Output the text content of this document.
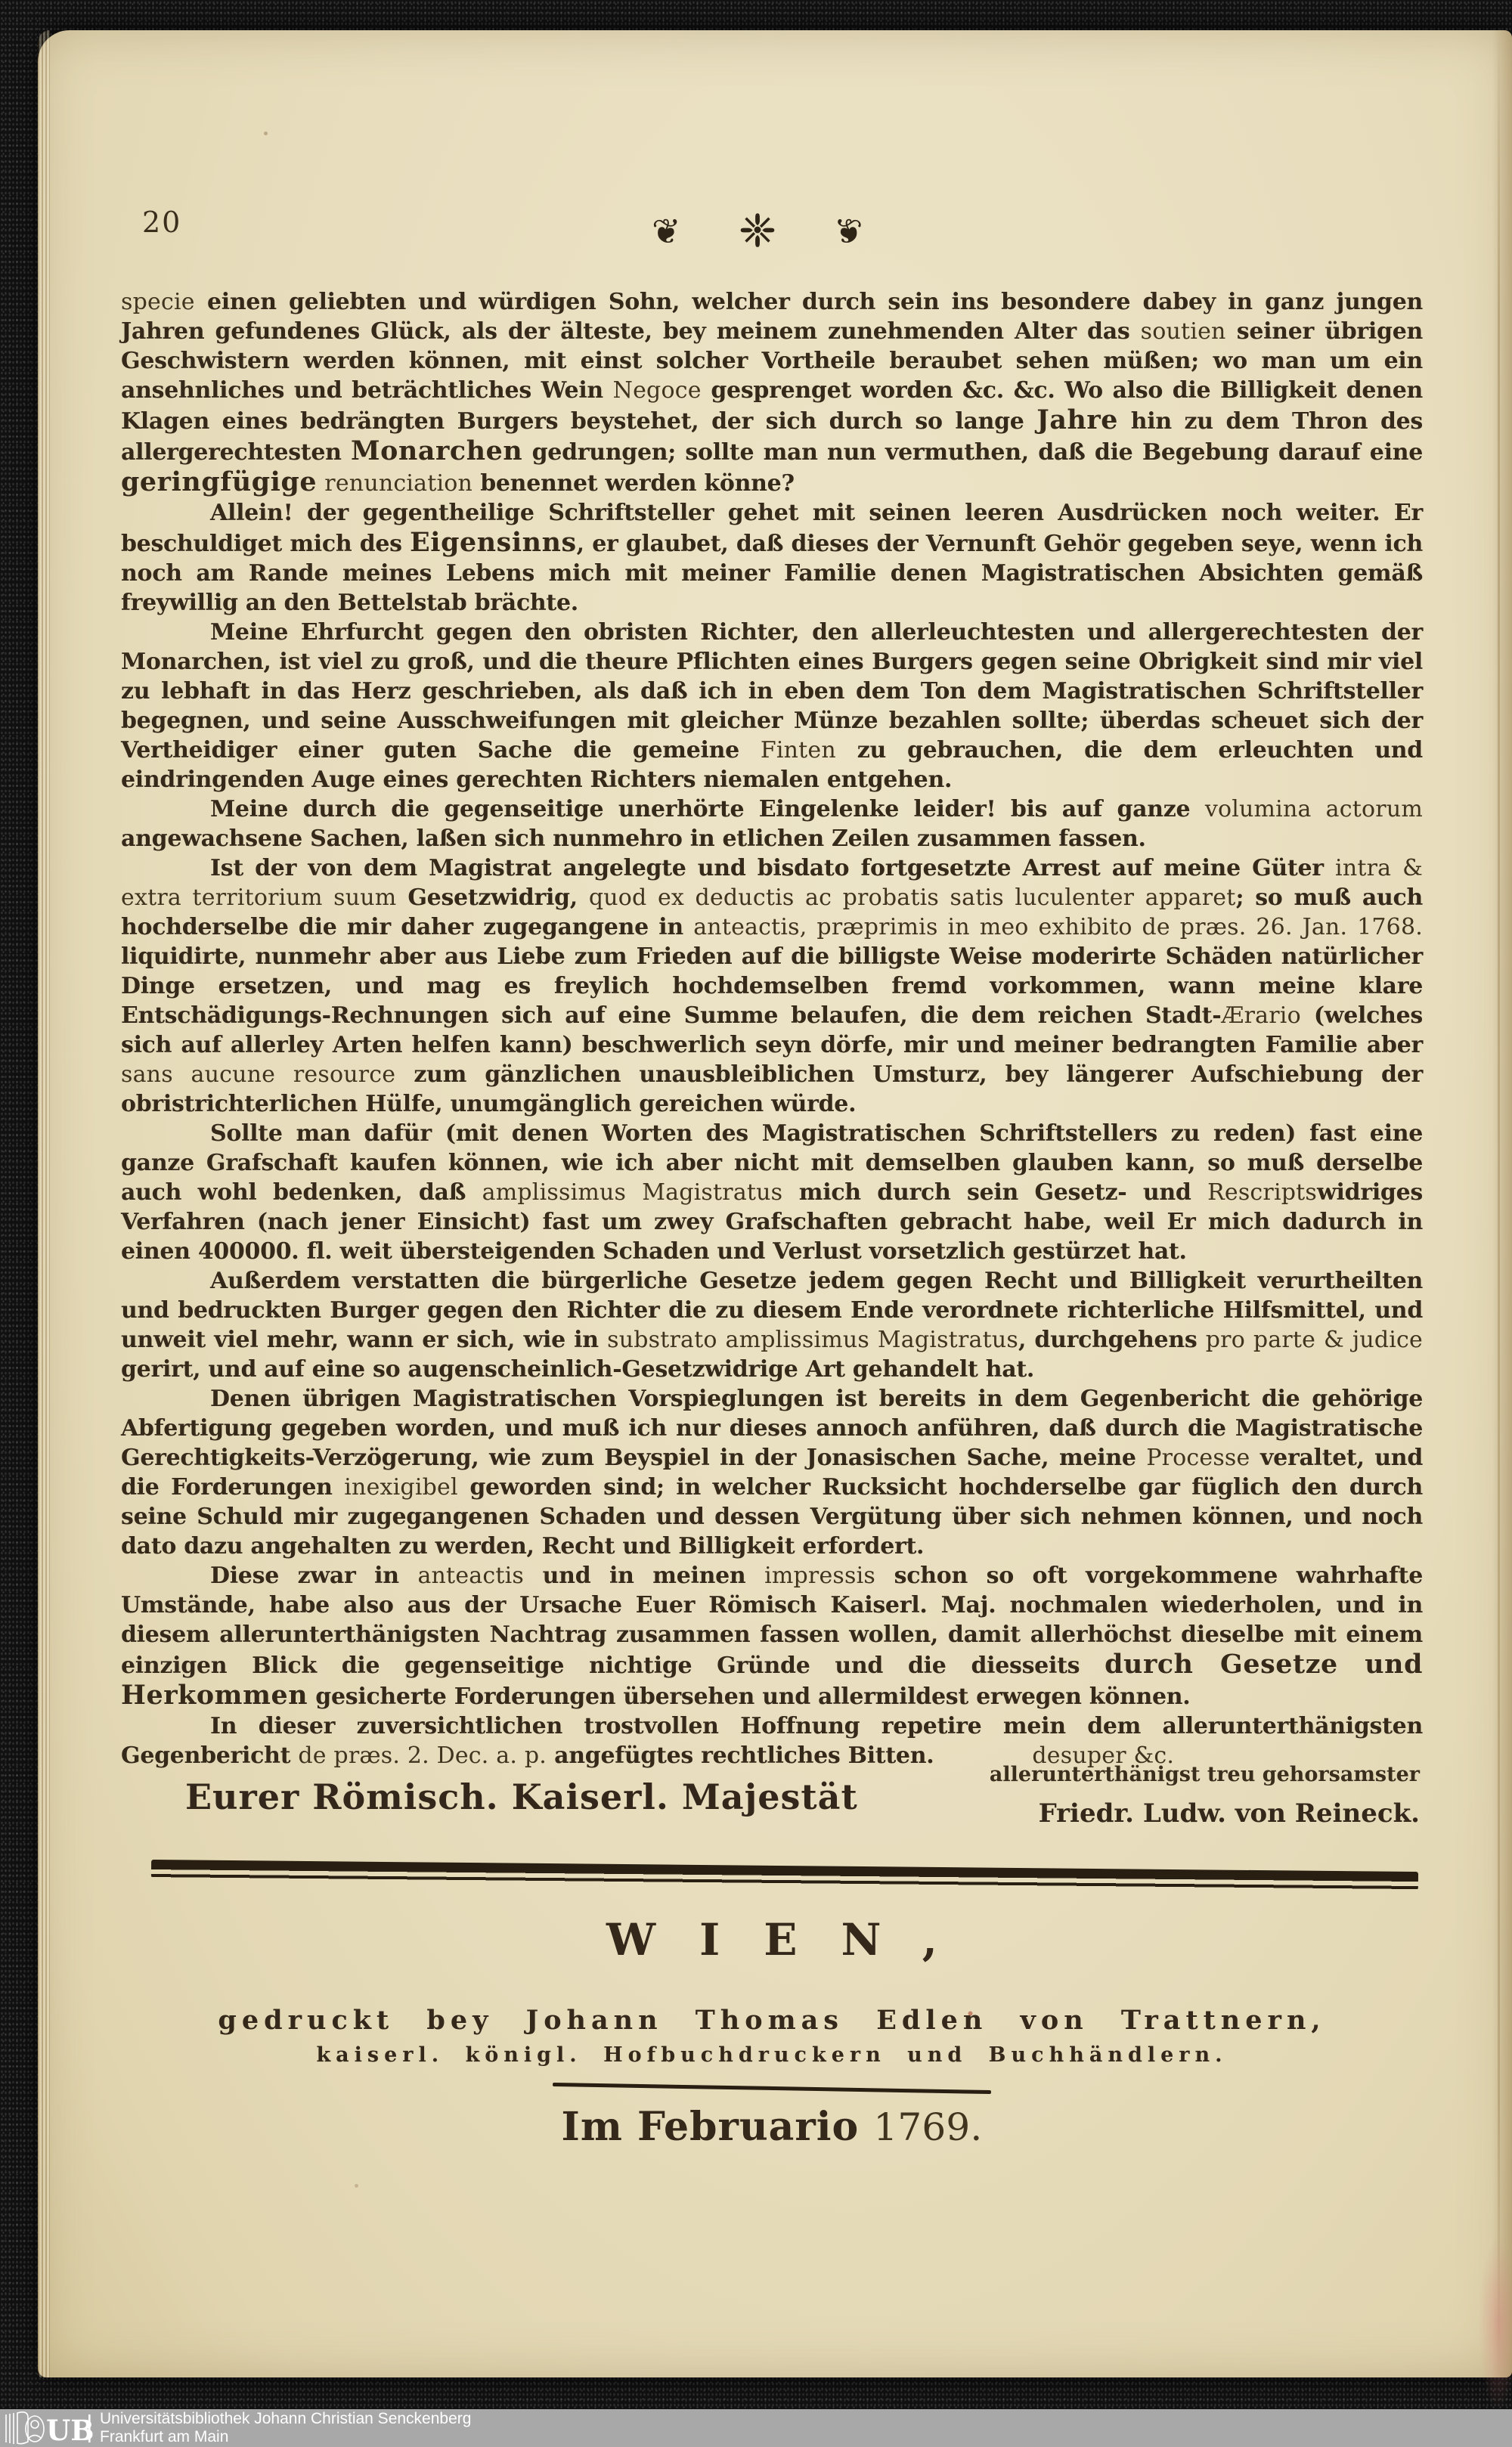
20	❦ ❈ ❦

specie einen geliebten und würdigen Sohn, welcher durch sein ins besondere dabey in ganz jungen Jahren gefundenes Glück, als der älteste, bey meinem zunehmenden Alter das soutien seiner übrigen Geschwistern werden können, mit einst solcher Vortheile beraubet sehen müßen; wo man um ein ansehnliches und beträchtliches Wein Negoce gesprenget worden &c. &c. Wo also die Billigkeit denen Klagen eines bedrängten Burgers beystehet, der sich durch so lange Jahre hin zu dem Thron des allergerechtesten Monarchen gedrungen; sollte man nun vermuthen, daß die Begebung darauf eine geringfügige renunciation benennet werden könne?

Allein! der gegentheilige Schriftsteller gehet mit seinen leeren Ausdrücken noch weiter. Er beschuldiget mich des Eigensinns, er glaubet, daß dieses der Vernunft Gehör gegeben seye, wenn ich noch am Rande meines Lebens mich mit meiner Familie denen Magistratischen Absichten gemäß freywillig an den Bettelstab brächte.

Meine Ehrfurcht gegen den obristen Richter, den allerleuchtesten und allergerechtesten der Monarchen, ist viel zu groß, und die theure Pflichten eines Burgers gegen seine Obrigkeit sind mir viel zu lebhaft in das Herz geschrieben, als daß ich in eben dem Ton dem Magistratischen Schriftsteller begegnen, und seine Ausschweifungen mit gleicher Münze bezahlen sollte; überdas scheuet sich der Vertheidiger einer guten Sache die gemeine Finten zu gebrauchen, die dem erleuchten und eindringenden Auge eines gerechten Richters niemalen entgehen.

Meine durch die gegenseitige unerhörte Eingelenke leider! bis auf ganze volumina actorum angewachsene Sachen, laßen sich nunmehro in etlichen Zeilen zusammen fassen.

Ist der von dem Magistrat angelegte und bisdato fortgesetzte Arrest auf meine Güter intra & extra territorium suum Gesetzwidrig, quod ex deductis ac probatis satis luculenter apparet; so muß auch hochderselbe die mir daher zugegangene in anteactis, præprimis in meo exhibito de præs. 26. Jan. 1768. liquidirte, nunmehr aber aus Liebe zum Frieden auf die billigste Weise moderirte Schäden natürlicher Dinge ersetzen, und mag es freylich hochdemselben fremd vorkommen, wann meine klare Entschädigungs-Rechnungen sich auf eine Summe belaufen, die dem reichen Stadt-Ærario (welches sich auf allerley Arten helfen kann) beschwerlich seyn dörfe, mir und meiner bedrangten Familie aber sans aucune resource zum gänzlichen unausbleiblichen Umsturz, bey längerer Aufschiebung der obristrichterlichen Hülfe, unumgänglich gereichen würde.

Sollte man dafür (mit denen Worten des Magistratischen Schriftstellers zu reden) fast eine ganze Grafschaft kaufen können, wie ich aber nicht mit demselben glauben kann, so muß derselbe auch wohl bedenken, daß amplissimus Magistratus mich durch sein Gesetz- und Rescriptswidriges Verfahren (nach jener Einsicht) fast um zwey Grafschaften gebracht habe, weil Er mich dadurch in einen 400000. fl. weit übersteigenden Schaden und Verlust vorsetzlich gestürzet hat.

Außerdem verstatten die bürgerliche Gesetze jedem gegen Recht und Billigkeit verurtheilten und bedruckten Burger gegen den Richter die zu diesem Ende verordnete richterliche Hilfsmittel, und unweit viel mehr, wann er sich, wie in substrato amplissimus Magistratus, durchgehens pro parte & judice gerirt, und auf eine so augenscheinlich-Gesetzwidrige Art gehandelt hat.

Denen übrigen Magistratischen Vorspieglungen ist bereits in dem Gegenbericht die gehörige Abfertigung gegeben worden, und muß ich nur dieses annoch anführen, daß durch die Magistratische Gerechtigkeits-Verzögerung, wie zum Beyspiel in der Jonasischen Sache, meine Processe veraltet, und die Forderungen inexigibel geworden sind; in welcher Rucksicht hochderselbe gar füglich den durch seine Schuld mir zugegangenen Schaden und dessen Vergütung über sich nehmen können, und noch dato dazu angehalten zu werden, Recht und Billigkeit erfordert.

Diese zwar in anteactis und in meinen impressis schon so oft vorgekommene wahrhafte Umstände, habe also aus der Ursache Euer Römisch Kaiserl. Maj. nochmalen wiederholen, und in diesem allerunterthänigsten Nachtrag zusammen fassen wollen, damit allerhöchst dieselbe mit einem einzigen Blick die gegenseitige nichtige Gründe und die diesseits durch Gesetze und Herkommen gesicherte Forderungen übersehen und allermildest erwegen können.

In dieser zuversichtlichen trostvollen Hoffnung repetire mein dem allerunterthänigsten Gegenbericht de præs. 2. Dec. a. p. angefügtes rechtliches Bitten.	desuper &c.

Eurer Römisch. Kaiserl. Majestät
allerunterthänigst treu gehorsamster
Friedr. Ludw. von Reineck.
WIEN,
gedruckt bey Johann Thomas Edlen von Trattnern,
kaiserl. königl. Hofbuchdruckern und Buchhändlern.
Im Februario 1769.
UB Universitätsbibliothek Johann Christian Senckenberg
Frankfurt am Main
